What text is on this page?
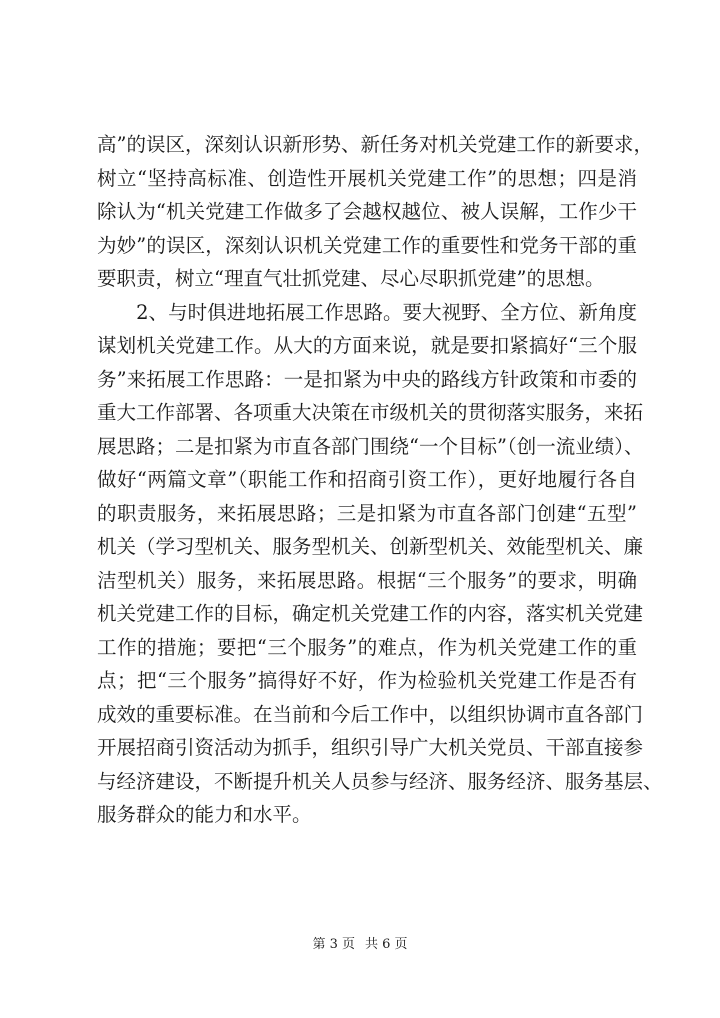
高”的误区，深刻认识新形势、新任务对机关党建工作的新要求，
树立“坚持高标准、创造性开展机关党建工作”的思想；四是消
除认为“机关党建工作做多了会越权越位、被人误解，工作少干
为妙”的误区，深刻认识机关党建工作的重要性和党务干部的重
要职责，树立“理直气壮抓党建、尽心尽职抓党建”的思想。
　　2、与时俱进地拓展工作思路。要大视野、全方位、新角度
谋划机关党建工作。从大的方面来说，就是要扣紧搞好“三个服
务”来拓展工作思路：一是扣紧为中央的路线方针政策和市委的
重大工作部署、各项重大决策在市级机关的贯彻落实服务，来拓
展思路；二是扣紧为市直各部门围绕“一个目标”（创一流业绩）、
做好“两篇文章”（职能工作和招商引资工作），更好地履行各自
的职责服务，来拓展思路；三是扣紧为市直各部门创建“五型”
机关（学习型机关、服务型机关、创新型机关、效能型机关、廉
洁型机关）服务，来拓展思路。根据“三个服务”的要求，明确
机关党建工作的目标，确定机关党建工作的内容，落实机关党建
工作的措施；要把“三个服务”的难点，作为机关党建工作的重
点；把“三个服务”搞得好不好，作为检验机关党建工作是否有
成效的重要标准。在当前和今后工作中，以组织协调市直各部门
开展招商引资活动为抓手，组织引导广大机关党员、干部直接参
与经济建设，不断提升机关人员参与经济、服务经济、服务基层、
服务群众的能力和水平。
第 3 页 共 6 页
